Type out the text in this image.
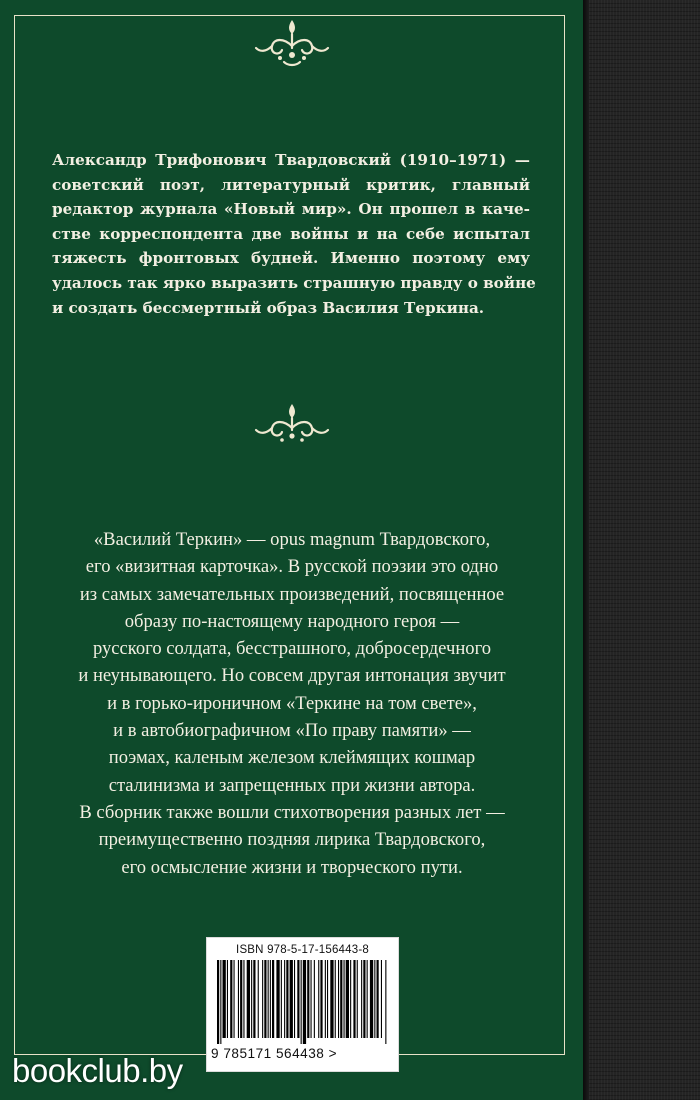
Александр Трифонович Твардовский (1910–1971) —
советский поэт, литературный критик, главный
редактор журнала «Новый мир». Он прошел в каче-
стве корреспондента две войны и на себе испытал
тяжесть фронтовых будней. Именно поэтому ему
удалось так ярко выразить страшную правду о войне
и создать бессмертный образ Василия Теркина.

«Василий Теркин» — opus magnum Твардовского,
его «визитная карточка». В русской поэзии это одно
из самых замечательных произведений, посвященное
образу по-настоящему народного героя —
русского солдата, бесстрашного, добросердечного
и неунывающего. Но совсем другая интонация звучит
и в горько-ироничном «Теркине на том свете»,
и в автобиографичном «По праву памяти» —
поэмах, каленым железом клеймящих кошмар
сталинизма и запрещенных при жизни автора.
В сборник также вошли стихотворения разных лет —
преимущественно поздняя лирика Твардовского,
его осмысление жизни и творческого пути.

ISBN 978-5-17-156443-8
9 785171 564438 >
bookclub.by
